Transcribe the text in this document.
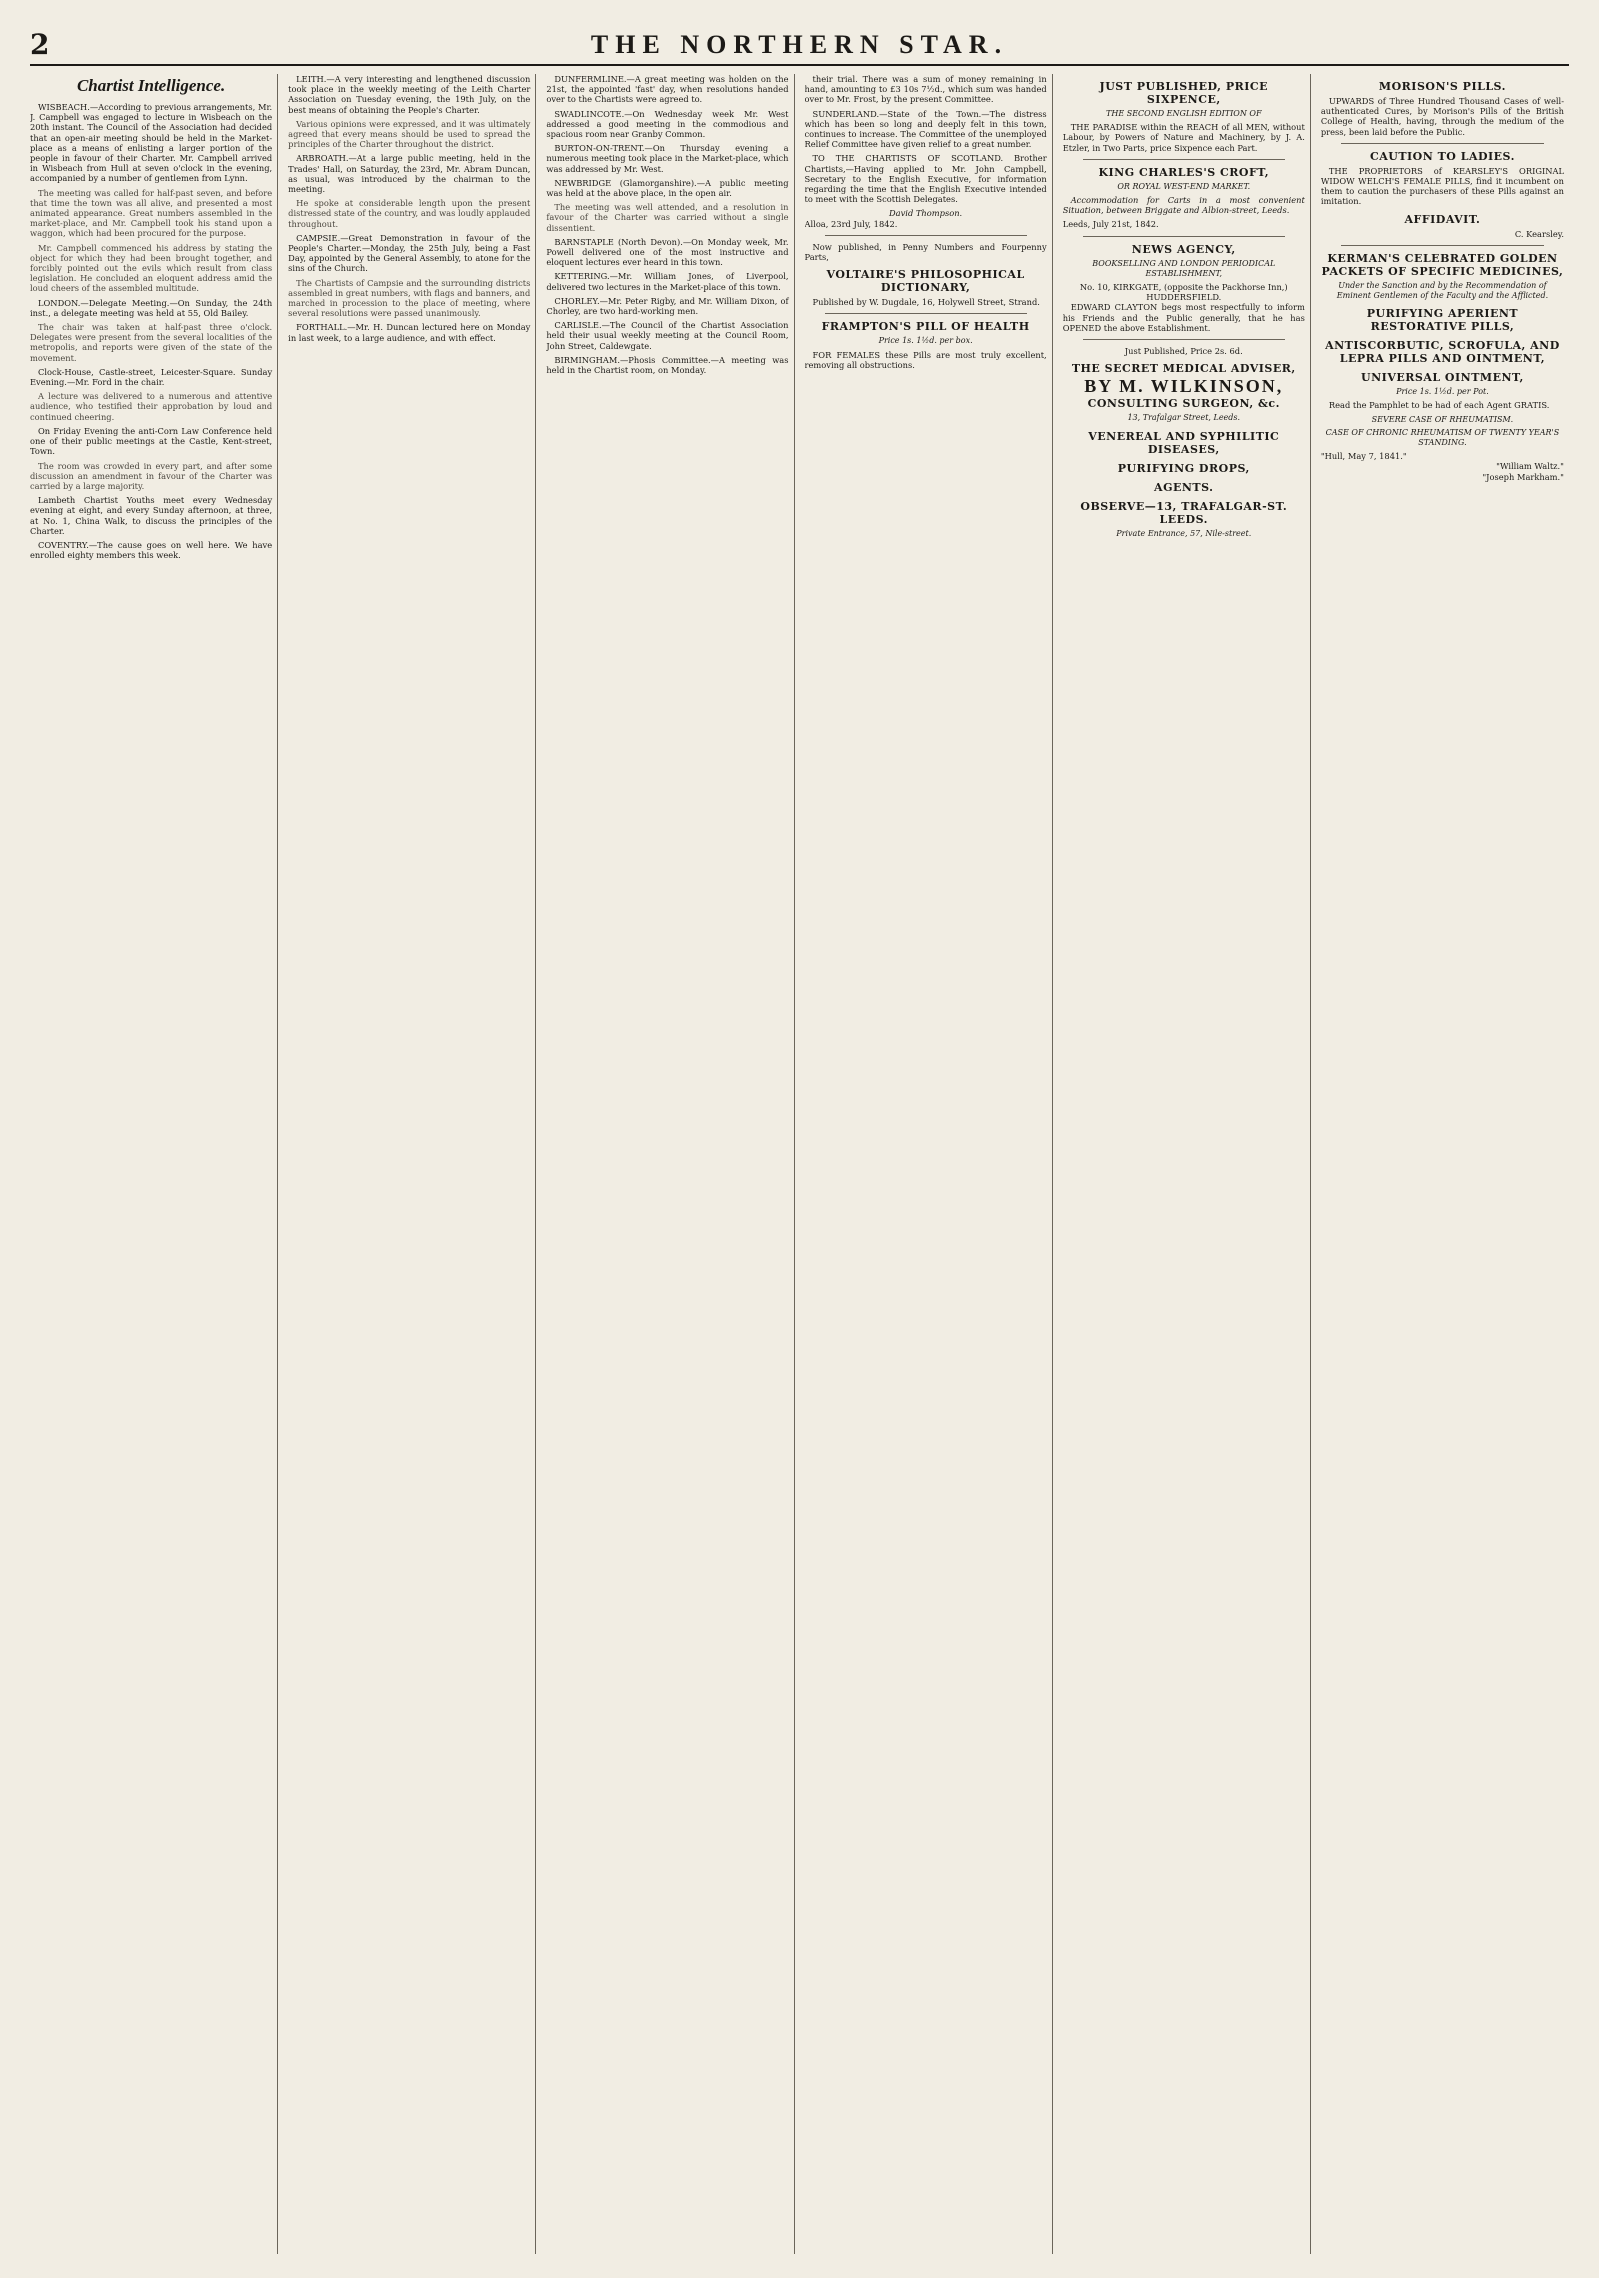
2	THE NORTHERN STAR.
Chartist Intelligence.

WISBEACH.—According to previous arrangements, Mr. J. Campbell was engaged to lecture in Wisbeach on the 20th instant. The Council of the Association had decided that an open-air meeting should be held in the Market-place as a means of enlisting a larger portion of the people in favour of their Charter. Mr. Campbell arrived in Wisbeach from Hull at seven o'clock in the evening, accompanied by a number of gentlemen from Lynn.

The meeting was called for half-past seven, and before that time the town was all alive, and presented a most animated appearance. Great numbers assembled in the market-place, and Mr. Campbell took his stand upon a waggon, which had been procured for the purpose.
Mr. Campbell commenced his address by stating the object for which they had been brought together, and forcibly pointed out the evils which result from class legislation. He concluded an eloquent address amid the loud cheers of the assembled multitude.

LONDON.—Delegate Meeting.—On Sunday, the 24th inst., a delegate meeting was held at 55, Old Bailey.

The chair was taken at half-past three o'clock. Delegates were present from the several localities of the metropolis, and reports were given of the state of the movement.

Clock-House, Castle-street, Leicester-Square. Sunday Evening.—Mr. Ford in the chair.

A lecture was delivered to a numerous and attentive audience, who testified their approbation by loud and continued cheering.

On Friday Evening the anti-Corn Law Conference held one of their public meetings at the Castle, Kent-street, Town.

The room was crowded in every part, and after some discussion an amendment in favour of the Charter was carried by a large majority.

Lambeth Chartist Youths meet every Wednesday evening at eight, and every Sunday afternoon, at three, at No. 1, China Walk, to discuss the principles of the Charter.

COVENTRY.—The cause goes on well here. We have enrolled eighty members this week.

LEITH.—A very interesting and lengthened discussion took place in the weekly meeting of the Leith Charter Association on Tuesday evening, the 19th July, on the best means of obtaining the People's Charter.

Various opinions were expressed, and it was ultimately agreed that every means should be used to spread the principles of the Charter throughout the district.

ARBROATH.—At a large public meeting, held in the Trades' Hall, on Saturday, the 23rd, Mr. Abram Duncan, as usual, was introduced by the chairman to the meeting.

He spoke at considerable length upon the present distressed state of the country, and was loudly applauded throughout.

CAMPSIE.—Great Demonstration in favour of the People's Charter.—Monday, the 25th July, being a Fast Day, appointed by the General Assembly, to atone for the sins of the Church.

The Chartists of Campsie and the surrounding districts assembled in great numbers, with flags and banners, and marched in procession to the place of meeting, where several resolutions were passed unanimously.

FORTHALL.—Mr. H. Duncan lectured here on Monday in last week, to a large audience, and with effect.

DUNFERMLINE.—A great meeting was holden on the 21st, the appointed 'fast' day, when resolutions handed over to the Chartists were agreed to.

SWADLINCOTE.—On Wednesday week Mr. West addressed a good meeting in the commodious and spacious room near Granby Common.

BURTON-ON-TRENT.—On Thursday evening a numerous meeting took place in the Market-place, which was addressed by Mr. West.

NEWBRIDGE (Glamorganshire).—A public meeting was held at the above place, in the open air.

The meeting was well attended, and a resolution in favour of the Charter was carried without a single dissentient.

BARNSTAPLE (North Devon).—On Monday week, Mr. Powell delivered one of the most instructive and eloquent lectures ever heard in this town.

KETTERING.—Mr. William Jones, of Liverpool, delivered two lectures in the Market-place of this town.

CHORLEY.—Mr. Peter Rigby, and Mr. William Dixon, of Chorley, are two hard-working men.

CARLISLE.—The Council of the Chartist Association held their usual weekly meeting at the Council Room, John Street, Caldewgate.

BIRMINGHAM.—Phosis Committee.—A meeting was held in the Chartist room, on Monday.

their trial. There was a sum of money remaining in hand, amounting to £3 10s 7½d., which sum was handed over to Mr. Frost, by the present Committee.

SUNDERLAND.—State of the Town.—The distress which has been so long and deeply felt in this town, continues to increase. The Committee of the unemployed Relief Committee have given relief to a great number.

TO THE CHARTISTS OF SCOTLAND. Brother Chartists,—Having applied to Mr. John Campbell, Secretary to the English Executive, for information regarding the time that the English Executive intended to meet with the Scottish Delegates.

David Thompson.
Alloa, 23rd July, 1842.

Now published, in Penny Numbers and Fourpenny Parts,

VOLTAIRE'S PHILOSOPHICAL DICTIONARY,

Published by W. Dugdale, 16, Holywell Street, Strand.

FRAMPTON'S PILL OF HEALTH
Price 1s. 1½d. per box.

FOR FEMALES these Pills are most truly excellent, removing all obstructions.

JUST PUBLISHED, PRICE SIXPENCE,
THE SECOND ENGLISH EDITION OF

THE PARADISE within the REACH of all MEN, without Labour, by Powers of Nature and Machinery, by J. A. Etzler, in Two Parts, price Sixpence each Part.

KING CHARLES'S CROFT,
OR ROYAL WEST-END MARKET.

Accommodation for Carts in a most convenient Situation, between Briggate and Albion-street, Leeds.

Leeds, July 21st, 1842.
NEWS AGENCY,
BOOKSELLING AND LONDON PERIODICAL ESTABLISHMENT,
No. 10, KIRKGATE, (opposite the Packhorse Inn,) HUDDERSFIELD.

EDWARD CLAYTON begs most respectfully to inform his Friends and the Public generally, that he has OPENED the above Establishment.

Just Published, Price 2s. 6d.
THE SECRET MEDICAL ADVISER,
BY M. WILKINSON,
CONSULTING SURGEON, &c.
13, Trafalgar Street, Leeds.
VENEREAL AND SYPHILITIC DISEASES,
PURIFYING DROPS,
AGENTS.
OBSERVE—13, TRAFALGAR-ST. LEEDS.
Private Entrance, 57, Nile-street.
MORISON'S PILLS.

UPWARDS of Three Hundred Thousand Cases of well-authenticated Cures, by Morison's Pills of the British College of Health, having, through the medium of the press, been laid before the Public.

CAUTION TO LADIES.

THE PROPRIETORS of KEARSLEY'S ORIGINAL WIDOW WELCH'S FEMALE PILLS, find it incumbent on them to caution the purchasers of these Pills against an imitation.

AFFIDAVIT.
C. Kearsley.
KERMAN'S CELEBRATED GOLDEN PACKETS OF SPECIFIC MEDICINES,
Under the Sanction and by the Recommendation of Eminent Gentlemen of the Faculty and the Afflicted.
PURIFYING APERIENT RESTORATIVE PILLS,
ANTISCORBUTIC, SCROFULA, AND LEPRA PILLS AND OINTMENT,
UNIVERSAL OINTMENT,
Price 1s. 1½d. per Pot.

Read the Pamphlet to be had of each Agent GRATIS.

SEVERE CASE OF RHEUMATISM.
CASE OF CHRONIC RHEUMATISM OF TWENTY YEAR'S STANDING.
"Hull, May 7, 1841."
"William Waltz."
"Joseph Markham."
